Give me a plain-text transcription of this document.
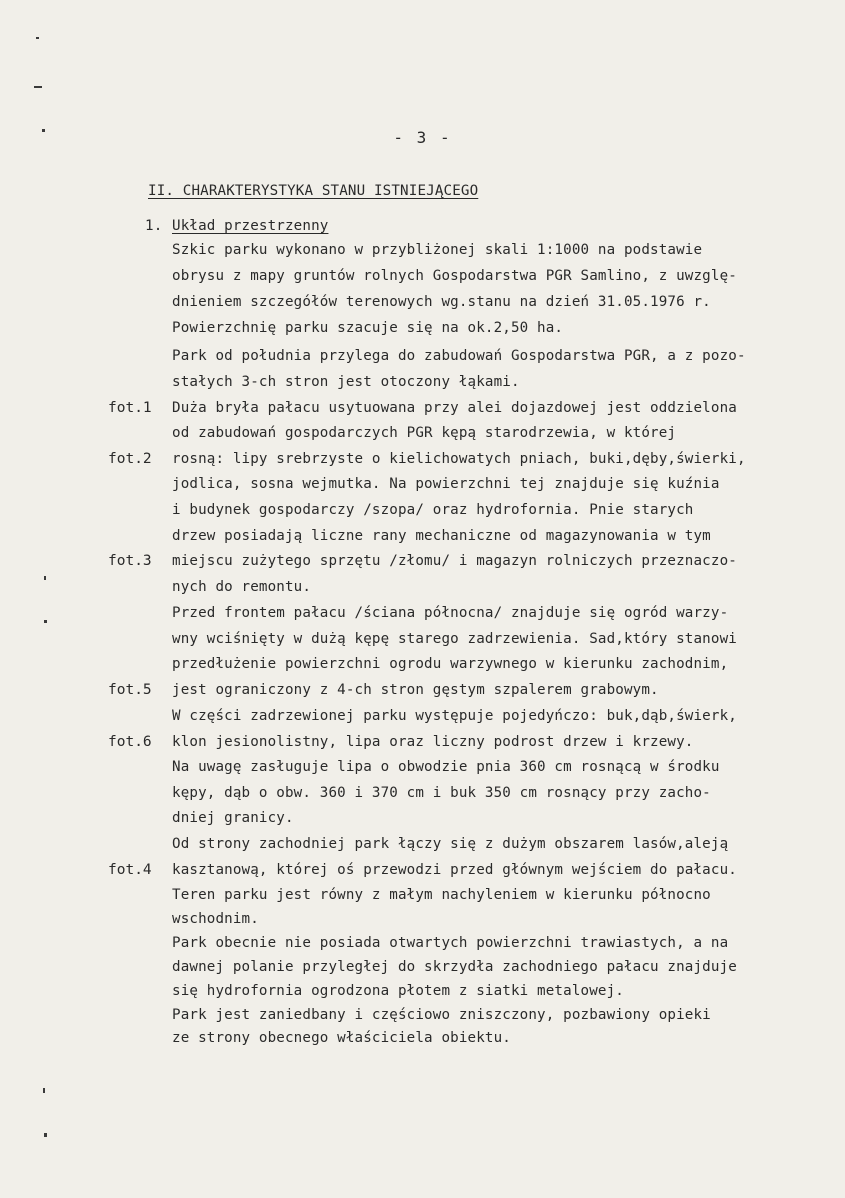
- 3 -
II. CHARAKTERYSTYKA STANU ISTNIEJĄCEGO
1. Układ przestrzenny
Szkic parku wykonano w przybliżonej skali 1:1000 na podstawie
obrysu z mapy gruntów rolnych Gospodarstwa PGR Samlino, z uwzglę-
dnieniem szczegółów terenowych wg.stanu na dzień 31.05.1976 r.
Powierzchnię parku szacuje się na ok.2,50 ha.
Park od południa przylega do zabudowań Gospodarstwa PGR, a z pozo-
stałych 3-ch stron jest otoczony łąkami.
Duża bryła pałacu usytuowana przy alei dojazdowej jest oddzielona
od zabudowań gospodarczych PGR kępą starodrzewia, w której
rosną: lipy srebrzyste o kielichowatych pniach, buki,dęby,świerki,
jodlica, sosna wejmutka. Na powierzchni tej znajduje się kuźnia
i budynek gospodarczy /szopa/ oraz hydrofornia. Pnie starych
drzew posiadają liczne rany mechaniczne od magazynowania w tym
miejscu zużytego sprzętu /złomu/ i magazyn rolniczych przeznaczo-
nych do remontu.
Przed frontem pałacu /ściana północna/ znajduje się ogród warzy-
wny wciśnięty w dużą kępę starego zadrzewienia. Sad,który stanowi
przedłużenie powierzchni ogrodu warzywnego w kierunku zachodnim,
jest ograniczony z 4-ch stron gęstym szpalerem grabowym.
W części zadrzewionej parku występuje pojedyńczo: buk,dąb,świerk,
klon jesionolistny, lipa oraz liczny podrost drzew i krzewy.
Na uwagę zasługuje lipa o obwodzie pnia 360 cm rosnącą w środku
kępy, dąb o obw. 360 i 370 cm i buk 350 cm rosnący przy zacho-
dniej granicy.
Od strony zachodniej park łączy się z dużym obszarem lasów,aleją
kasztanową, której oś przewodzi przed głównym wejściem do pałacu.
Teren parku jest równy z małym nachyleniem w kierunku północno
wschodnim.
Park obecnie nie posiada otwartych powierzchni trawiastych, a na
dawnej polanie przyległej do skrzydła zachodniego pałacu znajduje
się hydrofornia ogrodzona płotem z siatki metalowej.
Park jest zaniedbany i częściowo zniszczony, pozbawiony opieki
ze strony obecnego właściciela obiektu.
fot.1
fot.2
fot.3
fot.5
fot.6
fot.4
